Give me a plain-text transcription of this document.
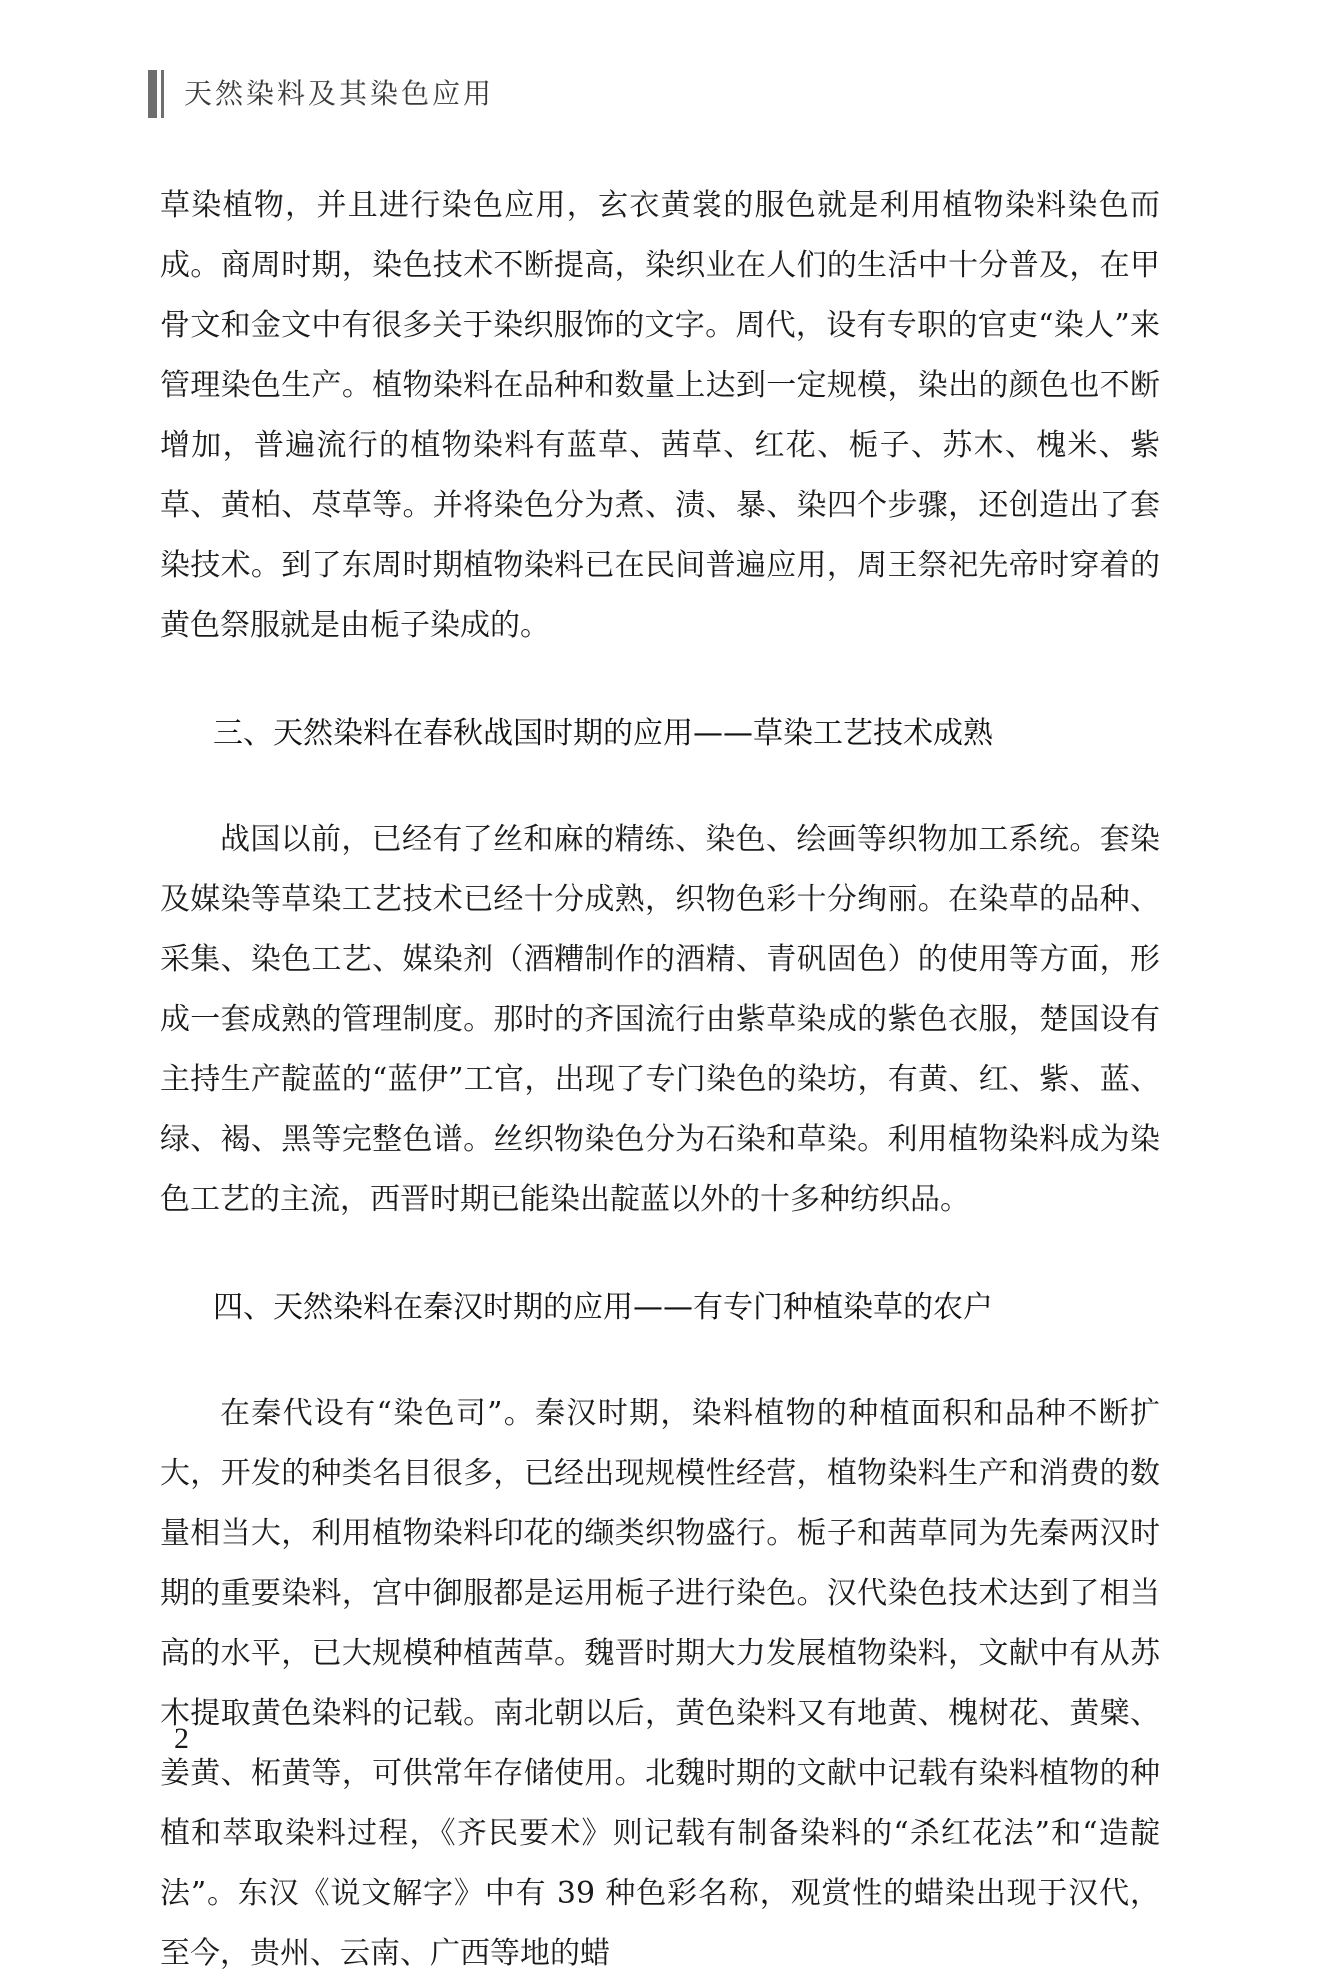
天然染料及其染色应用

草染植物，并且进行染色应用，玄衣黄裳的服色就是利用植物染料染色而成。商周时期，染色技术不断提高，染织业在人们的生活中十分普及，在甲骨文和金文中有很多关于染织服饰的文字。周代，设有专职的官吏“染人”来管理染色生产。植物染料在品种和数量上达到一定规模，染出的颜色也不断增加，普遍流行的植物染料有蓝草、茜草、红花、栀子、苏木、槐米、紫草、黄柏、荩草等。并将染色分为煮、渍、暴、染四个步骤，还创造出了套染技术。到了东周时期植物染料已在民间普遍应用，周王祭祀先帝时穿着的黄色祭服就是由栀子染成的。

三、天然染料在春秋战国时期的应用——草染工艺技术成熟

战国以前，已经有了丝和麻的精练、染色、绘画等织物加工系统。套染及媒染等草染工艺技术已经十分成熟，织物色彩十分绚丽。在染草的品种、采集、染色工艺、媒染剂（酒糟制作的酒精、青矾固色）的使用等方面，形成一套成熟的管理制度。那时的齐国流行由紫草染成的紫色衣服，楚国设有主持生产靛蓝的“蓝伊”工官，出现了专门染色的染坊，有黄、红、紫、蓝、绿、褐、黑等完整色谱。丝织物染色分为石染和草染。利用植物染料成为染色工艺的主流，西晋时期已能染出靛蓝以外的十多种纺织品。

四、天然染料在秦汉时期的应用——有专门种植染草的农户

在秦代设有“染色司”。秦汉时期，染料植物的种植面积和品种不断扩大，开发的种类名目很多，已经出现规模性经营，植物染料生产和消费的数量相当大，利用植物染料印花的缬类织物盛行。栀子和茜草同为先秦两汉时期的重要染料，宫中御服都是运用栀子进行染色。汉代染色技术达到了相当高的水平，已大规模种植茜草。魏晋时期大力发展植物染料，文献中有从苏木提取黄色染料的记载。南北朝以后，黄色染料又有地黄、槐树花、黄檗、姜黄、柘黄等，可供常年存储使用。北魏时期的文献中记载有染料植物的种植和萃取染料过程，《齐民要术》则记载有制备染料的“杀红花法”和“造靛法”。东汉《说文解字》中有 39 种色彩名称，观赏性的蜡染出现于汉代，至今，贵州、云南、广西等地的蜡

2
